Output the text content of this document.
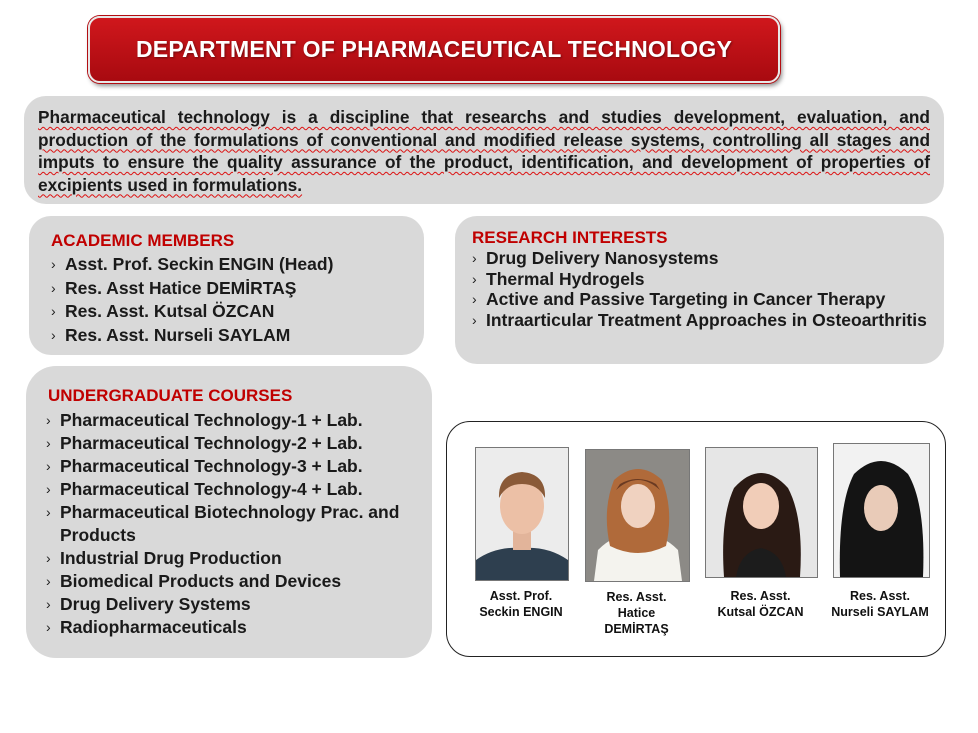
DEPARTMENT OF PHARMACEUTICAL TECHNOLOGY

Pharmaceutical technology is a discipline that researchs and studies development, evaluation, and production of the formulations of conventional and modified release systems, controlling all stages and imputs to ensure the quality assurance of the product, identification, and development of properties of excipients used in formulations.

ACADEMIC MEMBERS
› Asst. Prof. Seckin ENGIN (Head)
› Res. Asst Hatice DEMİRTAŞ
› Res. Asst. Kutsal ÖZCAN
› Res. Asst. Nurseli SAYLAM
RESEARCH INTERESTS
› Drug Delivery Nanosystems
› Thermal Hydrogels
› Active and Passive Targeting in Cancer Therapy
› Intraarticular Treatment Approaches in Osteoarthritis
UNDERGRADUATE COURSES
› Pharmaceutical Technology-1 + Lab.
› Pharmaceutical Technology-2 + Lab.
› Pharmaceutical Technology-3 + Lab.
› Pharmaceutical Technology-4 + Lab.
› Pharmaceutical Biotechnology Prac. and Products
› Industrial Drug Production
› Biomedical Products and Devices
› Drug Delivery Systems
› Radiopharmaceuticals
Asst. Prof.
Seckin ENGIN
Res. Asst.
Hatice
DEMİRTAŞ
Res. Asst.
Kutsal ÖZCAN
Res. Asst.
Nurseli SAYLAM
